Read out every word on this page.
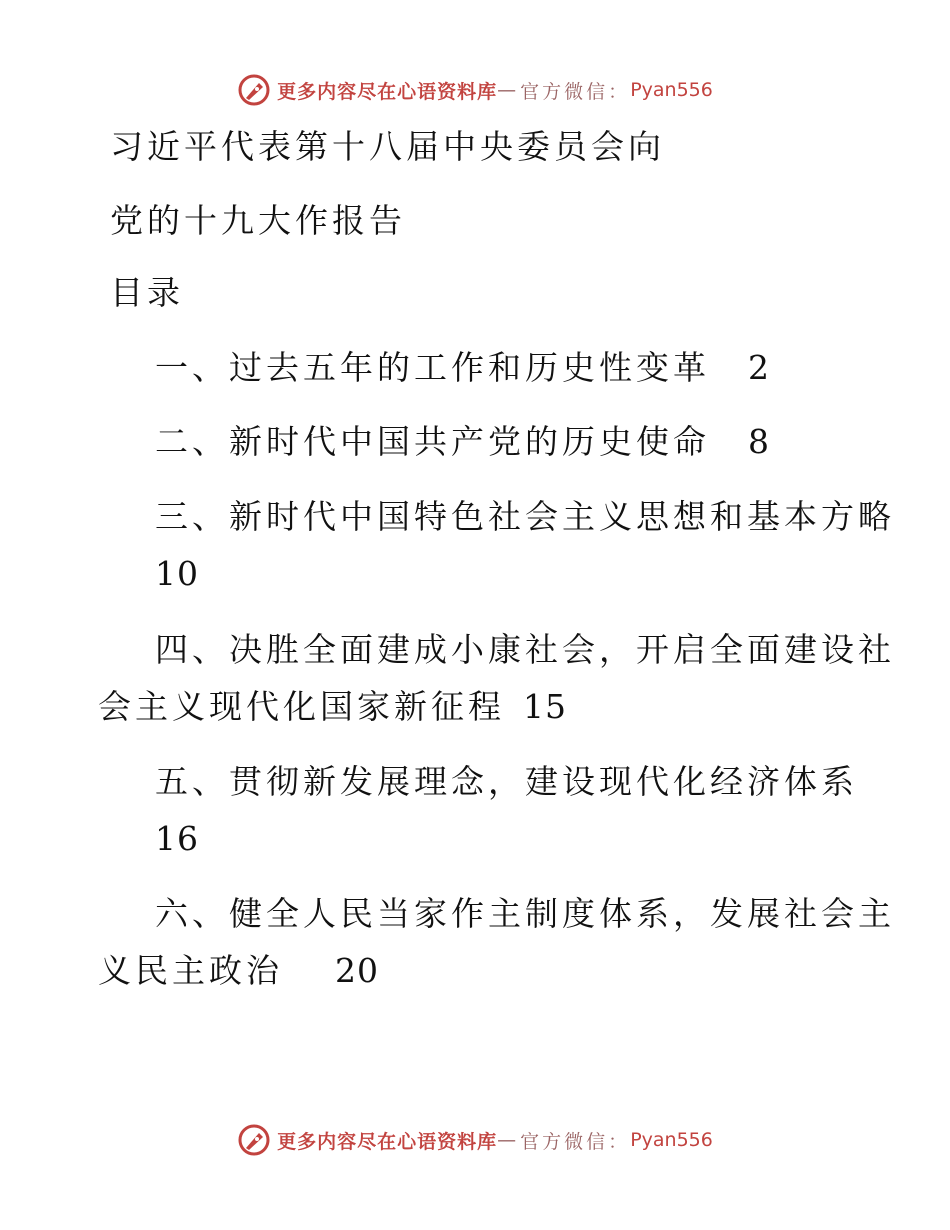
更多内容尽在心语资料库 — 官方微信： Pyan556
习近平代表第十八届中央委员会向
党的十九大作报告
目录
一、过去五年的工作和历史性变革 2
二、新时代中国共产党的历史使命 8
三、新时代中国特色社会主义思想和基本方略
10
四、决胜全面建成小康社会，开启全面建设社
会主义现代化国家新征程 15
五、贯彻新发展理念，建设现代化经济体系
16
六、健全人民当家作主制度体系，发展社会主
义民主政治 20
更多内容尽在心语资料库 — 官方微信： Pyan556
